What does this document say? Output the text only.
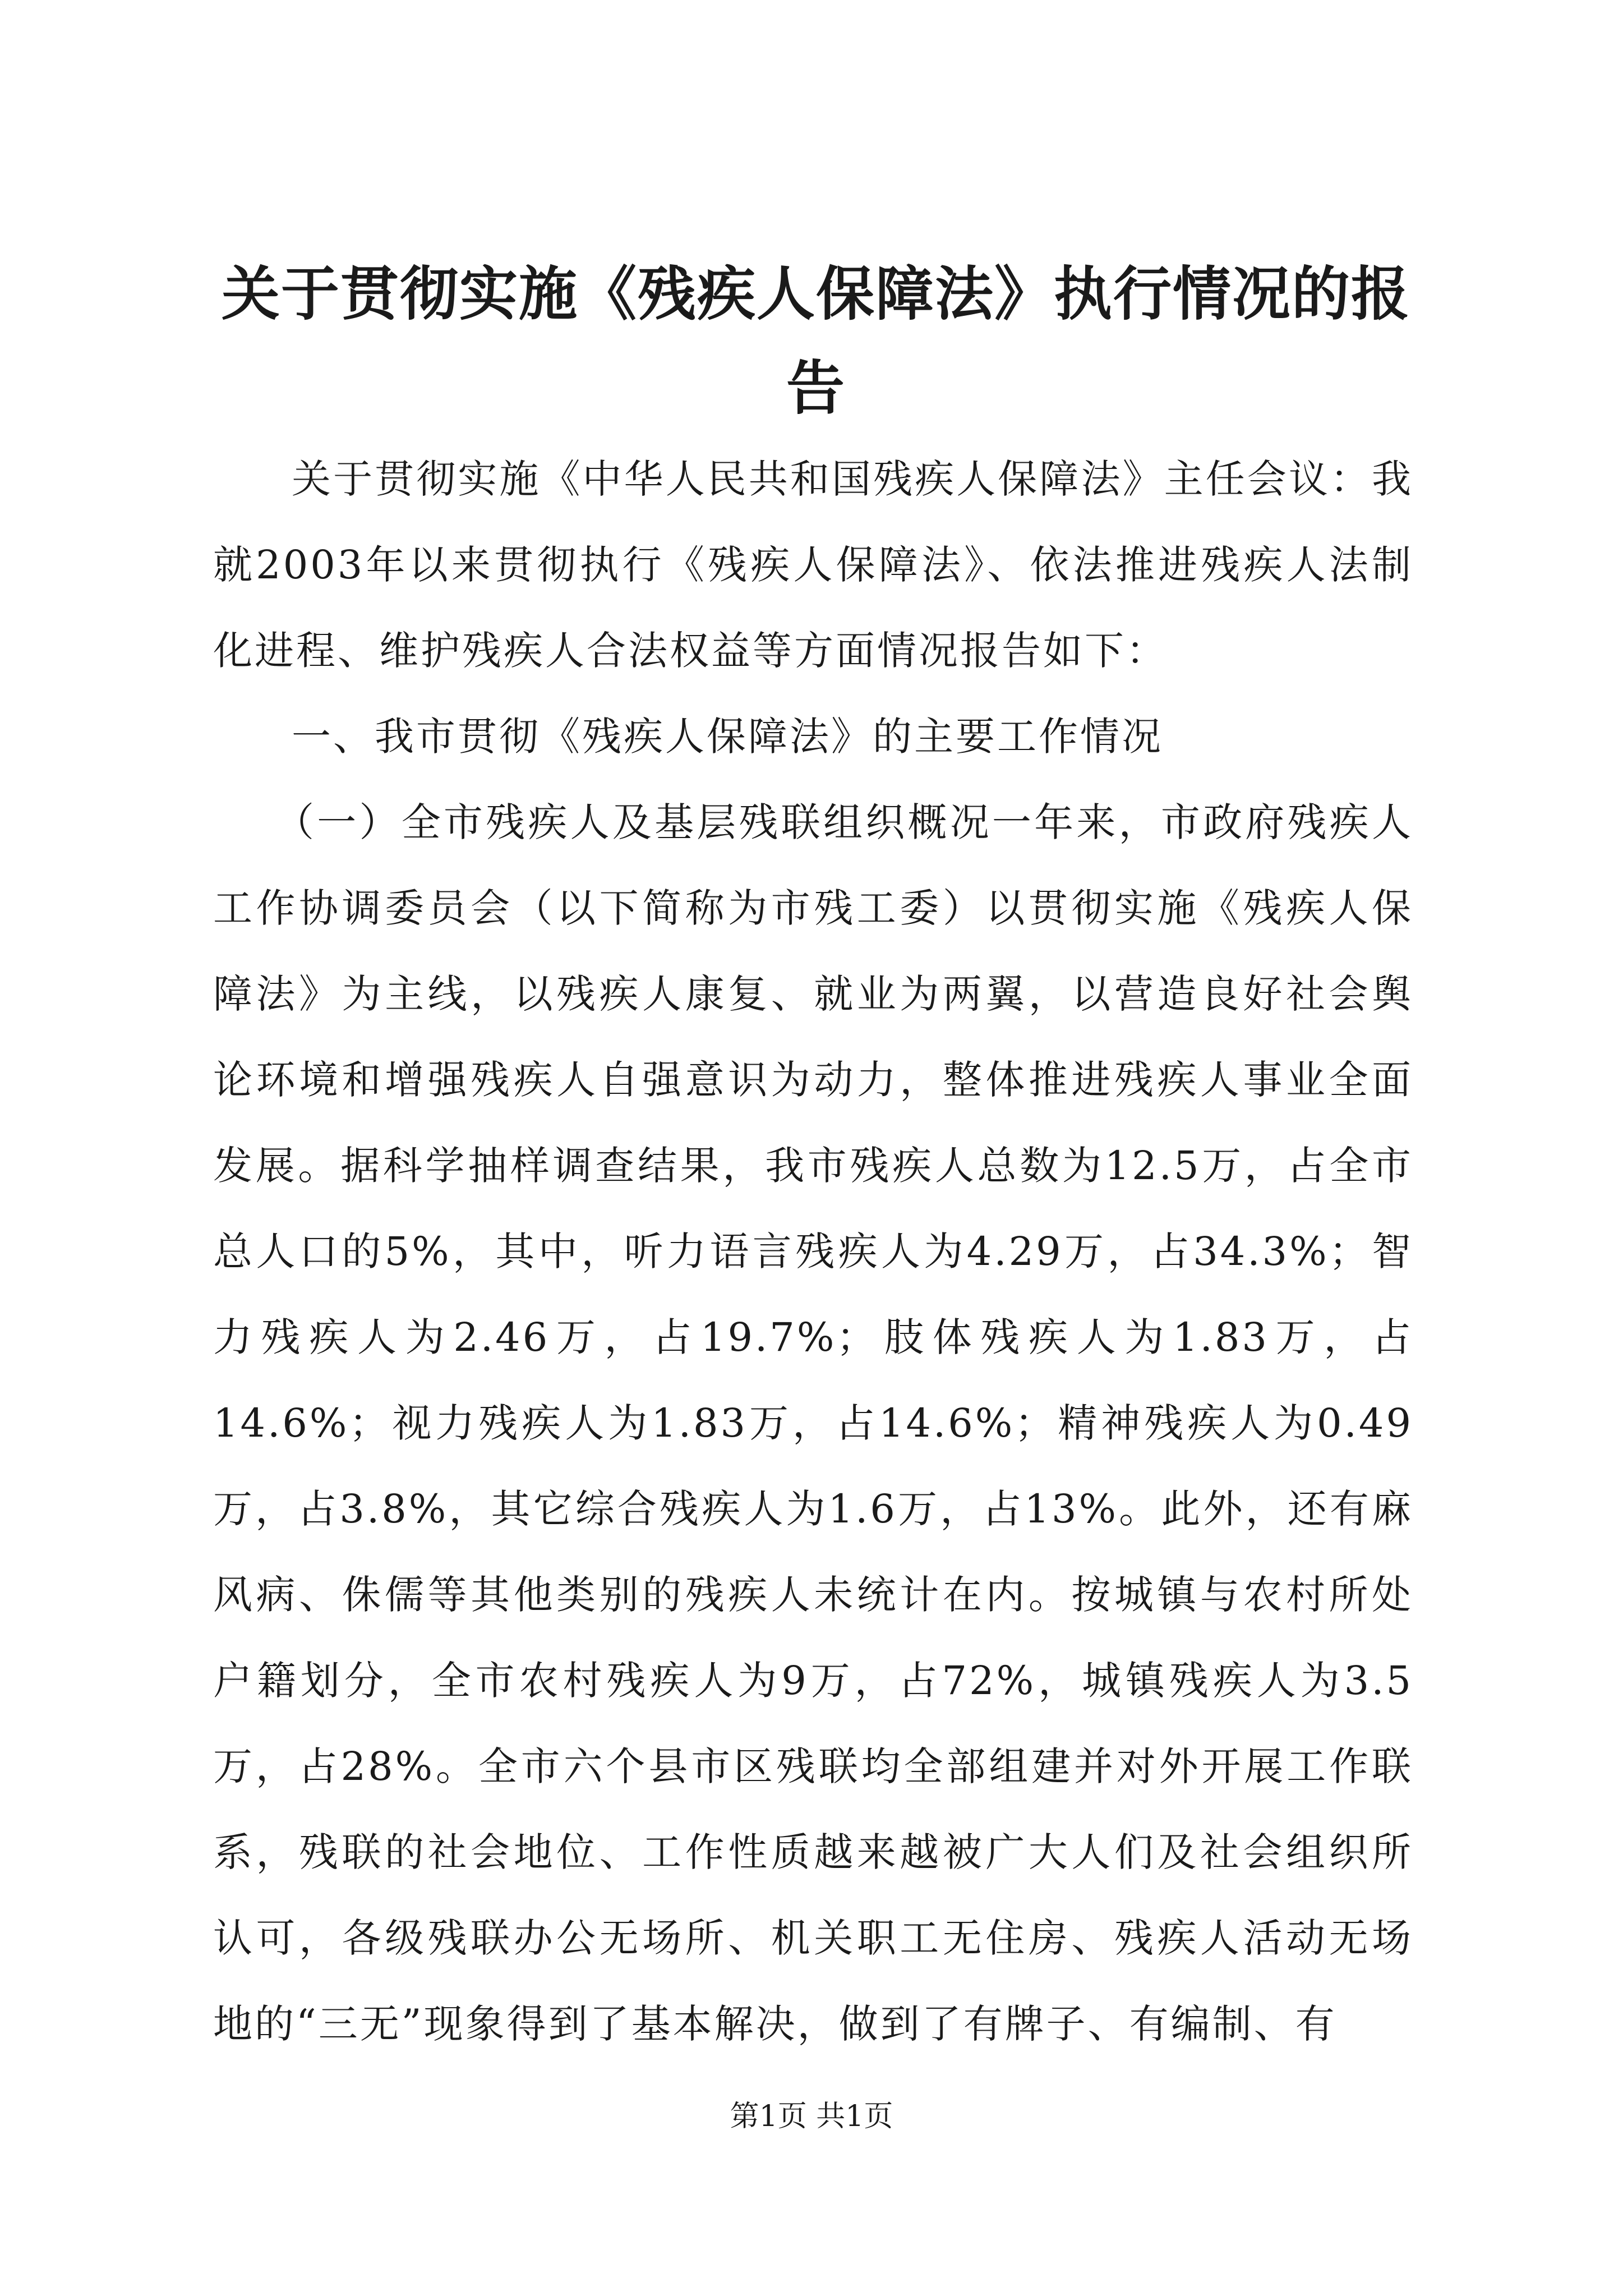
关于贯彻实施《残疾人保障法》执行情况的报告

关于贯彻实施《中华人民共和国残疾人保障法》主任会议：我就2003年以来贯彻执行《残疾人保障法》、依法推进残疾人法制化进程、维护残疾人合法权益等方面情况报告如下：

一、我市贯彻《残疾人保障法》的主要工作情况

（一）全市残疾人及基层残联组织概况一年来，市政府残疾人工作协调委员会（以下简称为市残工委）以贯彻实施《残疾人保障法》为主线，以残疾人康复、就业为两翼，以营造良好社会舆论环境和增强残疾人自强意识为动力，整体推进残疾人事业全面发展。据科学抽样调查结果，我市残疾人总数为12.5万，占全市总人口的5%，其中，听力语言残疾人为4.29万，占34.3%；智力残疾人为2.46万，占19.7%；肢体残疾人为1.83万，占14.6%；视力残疾人为1.83万，占14.6%；精神残疾人为0.49万，占3.8%，其它综合残疾人为1.6万，占13%。此外，还有麻风病、侏儒等其他类别的残疾人未统计在内。按城镇与农村所处户籍划分，全市农村残疾人为9万，占72%，城镇残疾人为3.5万，占28%。全市六个县市区残联均全部组建并对外开展工作联系，残联的社会地位、工作性质越来越被广大人们及社会组织所认可，各级残联办公无场所、机关职工无住房、残疾人活动无场地的“三无”现象得到了基本解决，做到了有牌子、有编制、有

第1页 共1页
